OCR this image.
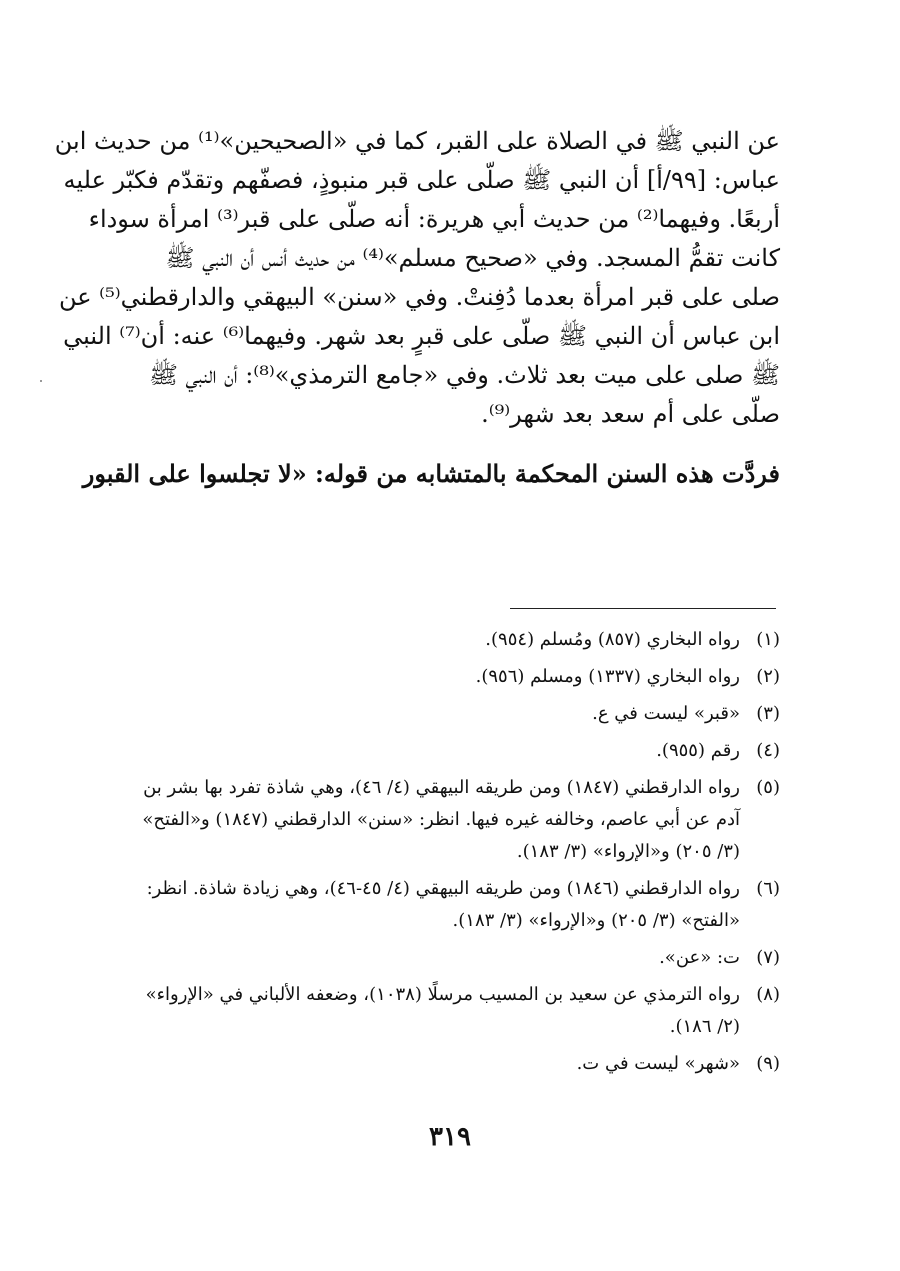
عن النبي ﷺ في الصلاة على القبر، كما في «الصحيحين»⁽¹⁾ من حديث ابن
عباس: [٩٩/أ] أن النبي ﷺ صلّى على قبر منبوذٍ، فصفّهم وتقدّم فكبّر عليه
أربعًا. وفيهما⁽²⁾ من حديث أبي هريرة: أنه صلّى على قبر⁽³⁾ امرأة سوداء
كانت تقمُّ المسجد. وفي «صحيح مسلم»⁽⁴⁾ من حديث أنس أن النبي ﷺ
صلى على قبر امرأة بعدما دُفِنتْ. وفي «سنن» البيهقي والدارقطني⁽⁵⁾ عن
ابن عباس أن النبي ﷺ صلّى على قبرٍ بعد شهر. وفيهما⁽⁶⁾ عنه: أن⁽⁷⁾ النبي
ﷺ صلى على ميت بعد ثلاث. وفي «جامع الترمذي»⁽⁸⁾: أن النبي ﷺ
صلّى على أم سعد بعد شهر⁽⁹⁾.

فردَّت هذه السنن المحكمة بالمتشابه من قوله: «لا تجلسوا على القبور

(١)
رواه البخاري (٨٥٧) ومُسلم (٩٥٤).
(٢)
رواه البخاري (١٣٣٧) ومسلم (٩٥٦).
(٣)
«قبر» ليست في ع.
(٤)
رقم (٩٥٥).
(٥)
رواه الدارقطني (١٨٤٧) ومن طريقه البيهقي (٤/ ٤٦)، وهي شاذة تفرد بها بشر بن
آدم عن أبي عاصم، وخالفه غيره فيها. انظر: «سنن» الدارقطني (١٨٤٧) و«الفتح»
(٣/ ٢٠٥) و«الإرواء» (٣/ ١٨٣).
(٦)
رواه الدارقطني (١٨٤٦) ومن طريقه البيهقي (٤/ ٤٥-٤٦)، وهي زيادة شاذة. انظر:
«الفتح» (٣/ ٢٠٥) و«الإرواء» (٣/ ١٨٣).
(٧)
ت: «عن».
(٨)
رواه الترمذي عن سعيد بن المسيب مرسلًا (١٠٣٨)، وضعفه الألباني في «الإرواء»
(٢/ ١٨٦).
(٩)
«شهر» ليست في ت.
٣١٩
